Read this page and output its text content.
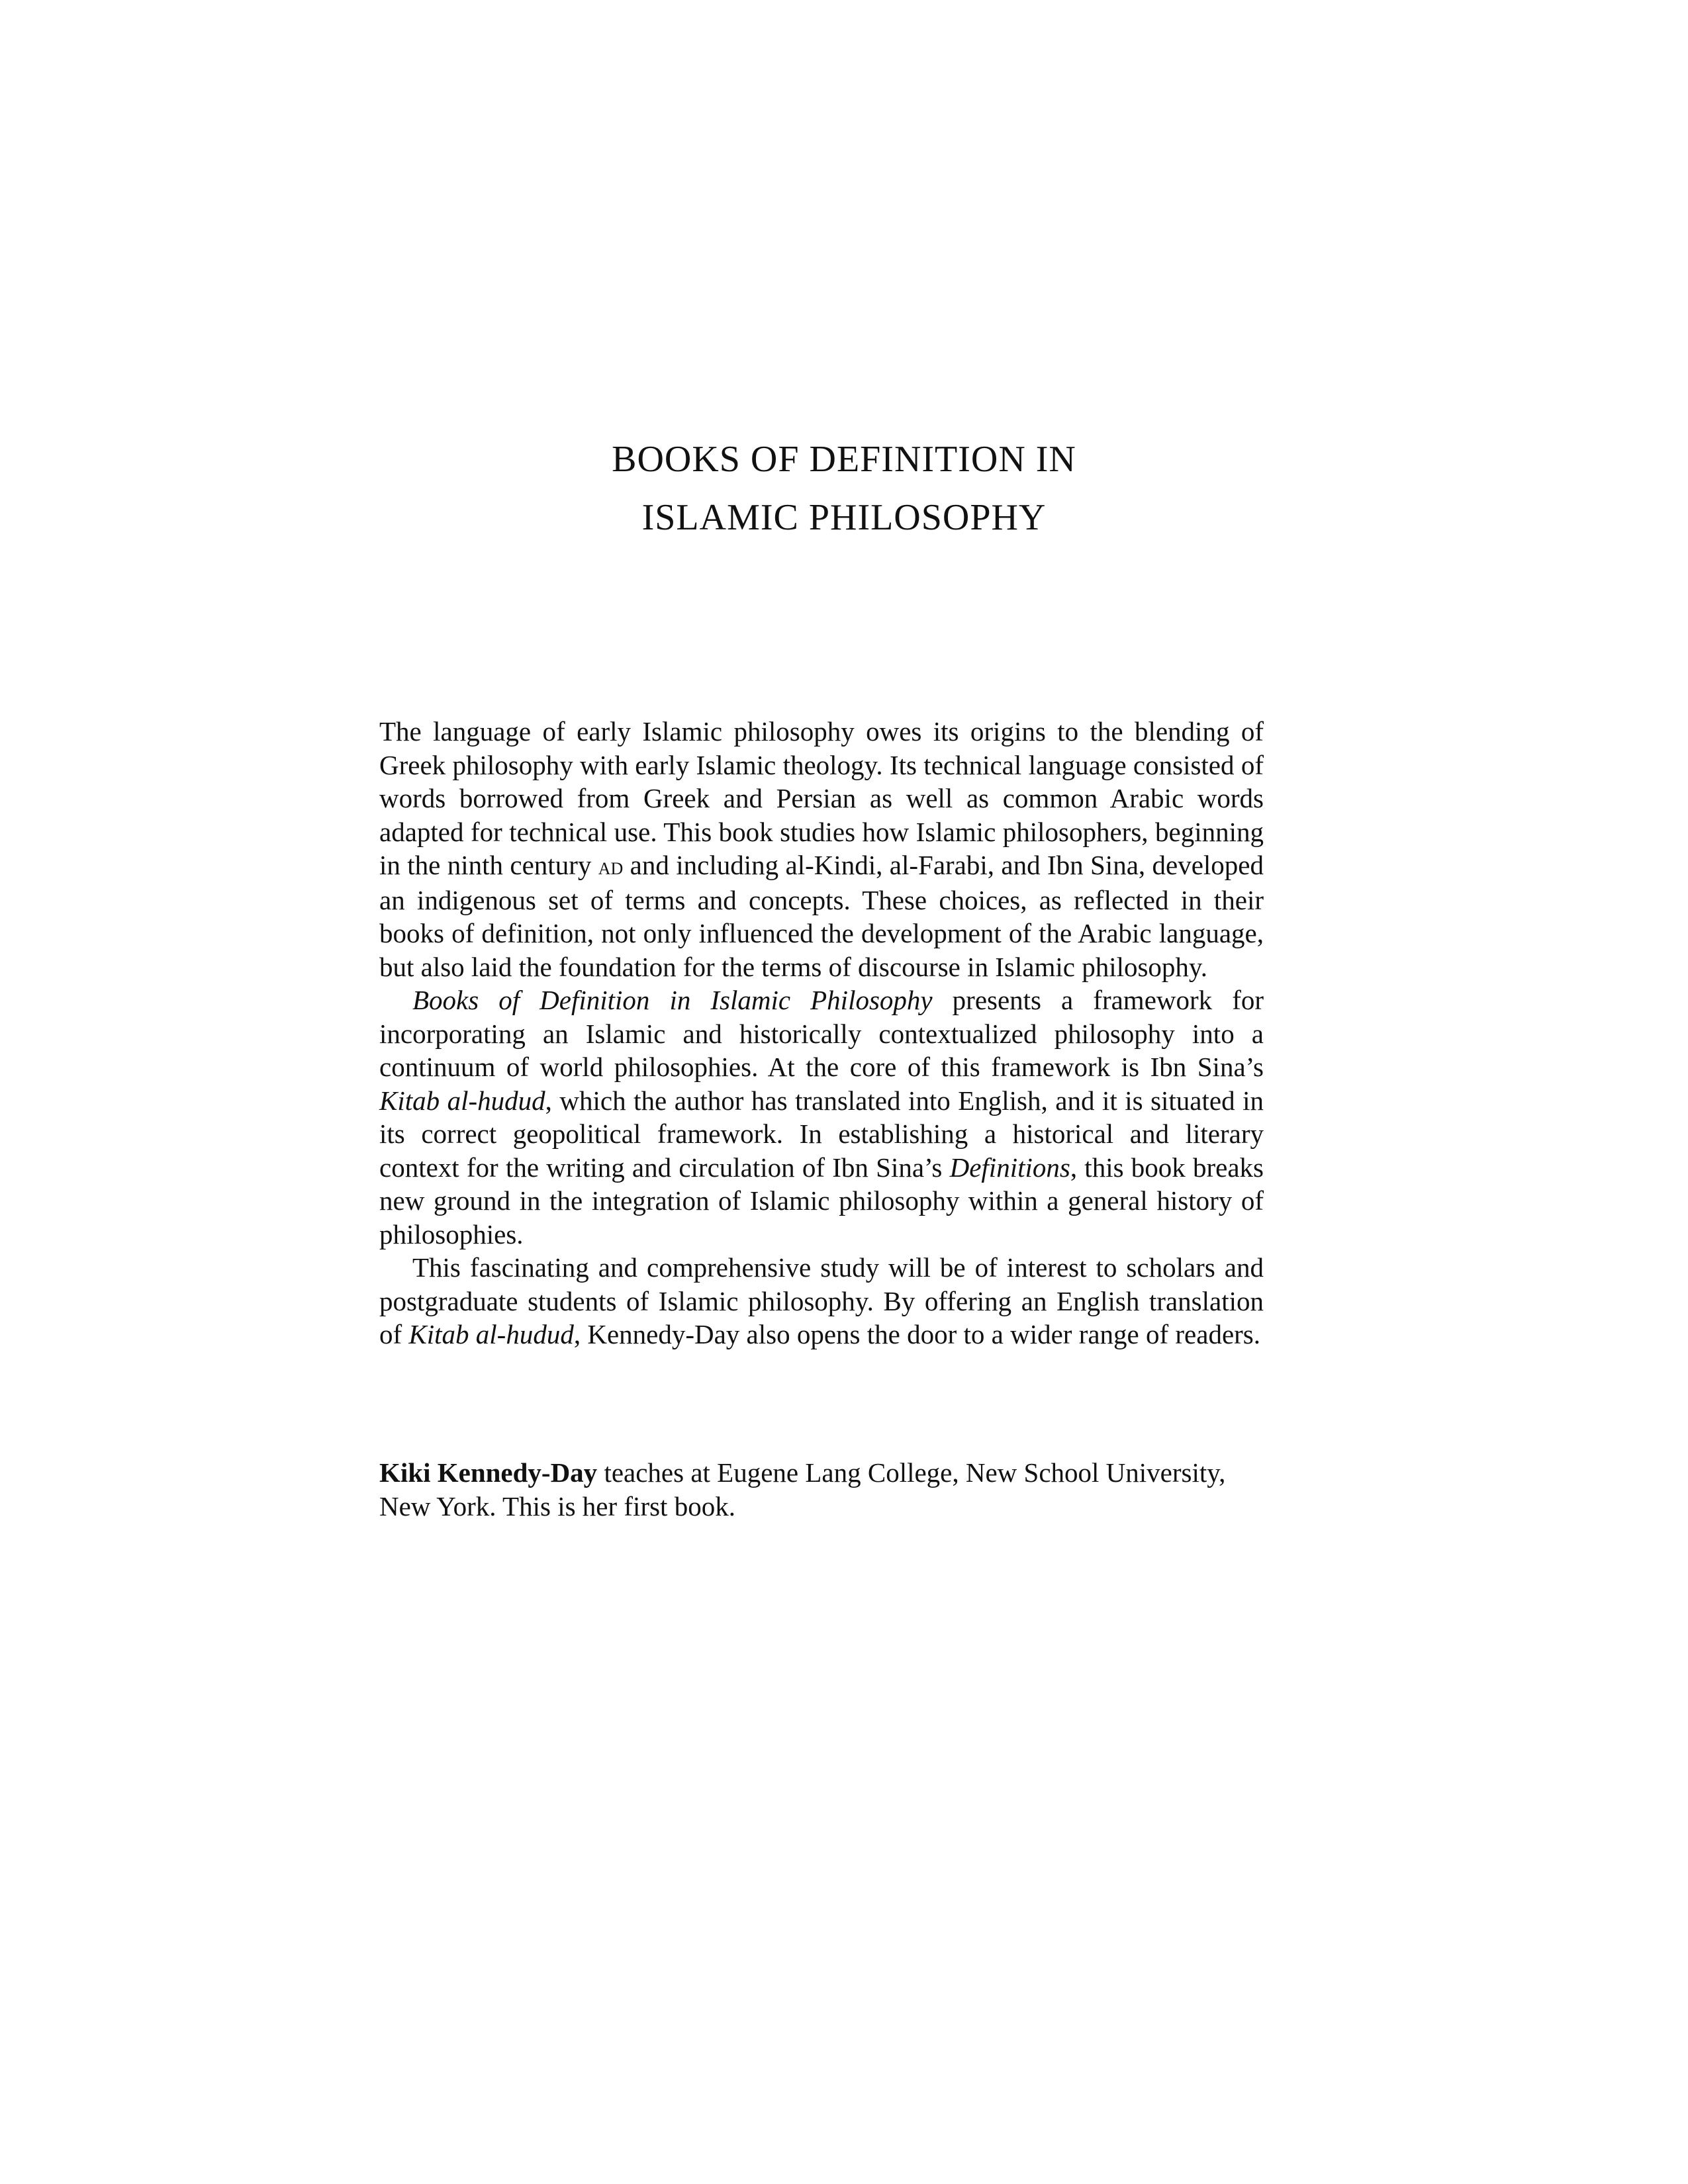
BOOKS OF DEFINITION IN
ISLAMIC PHILOSOPHY

The language of early Islamic philosophy owes its origins to the blending of Greek philosophy with early Islamic theology. Its technical language consisted of words borrowed from Greek and Persian as well as common Arabic words adapted for technical use. This book studies how Islamic philosophers, beginning in the ninth century ad and including al-Kindi, al-Farabi, and Ibn Sina, developed an indigenous set of terms and concepts. These choices, as reflected in their books of definition, not only influenced the development of the Arabic language, but also laid the foundation for the terms of discourse in Islamic philosophy.

Books of Definition in Islamic Philosophy presents a framework for incorporating an Islamic and historically contextualized philosophy into a continuum of world philosophies. At the core of this framework is Ibn Sina’s Kitab al-hudud, which the author has translated into English, and it is situated in its correct geopolitical framework. In establishing a historical and literary context for the writing and circulation of Ibn Sina’s Definitions, this book breaks new ground in the integration of Islamic philosophy within a general history of philosophies.

This fascinating and comprehensive study will be of interest to scholars and postgraduate students of Islamic philosophy. By offering an English translation of Kitab al-hudud, Kennedy-Day also opens the door to a wider range of readers.

Kiki Kennedy-Day teaches at Eugene Lang College, New School University, New York. This is her first book.
